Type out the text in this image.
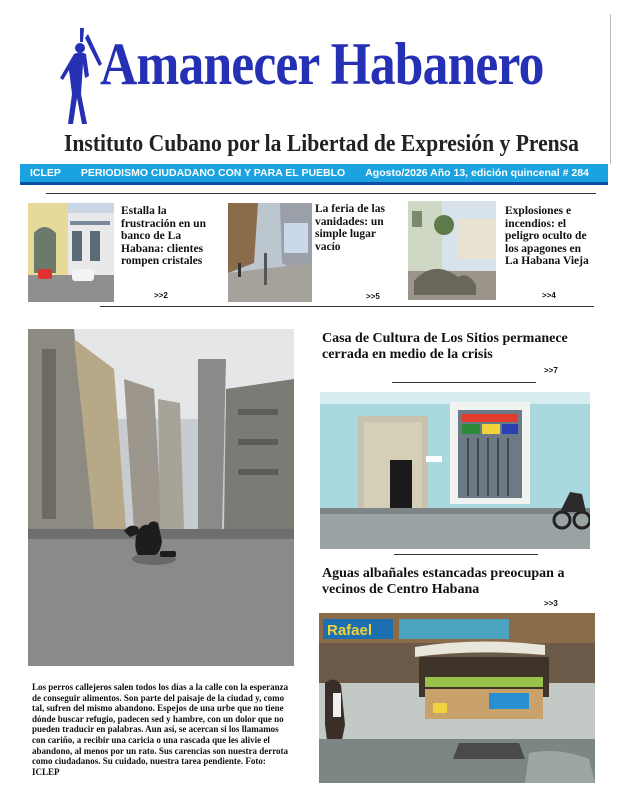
Amanecer Habanero
Instituto Cubano por la Libertad de Expresión y Prensa
ICLEP PERIODISMO CIUDADANO CON Y PARA EL PUEBLO Agosto/2026 Año 13, edición quincenal # 284
Estalla la frustración en un banco de La Habana: clientes rompen cristales
>>2
La feria de las vanidades: un simple lugar vacío
>>5
Explosiones e incendios: el peligro oculto de los apagones en La Habana Vieja
>>4
Los perros callejeros salen todos los días a la calle con la esperanza de conseguir alimentos. Son parte del paisaje de la ciudad y, como tal, sufren del mismo abandono. Espejos de una urbe que no tiene dónde buscar refugio, padecen sed y hambre, con un dolor que no pueden traducir en palabras. Aun así, se acercan si los llamamos con cariño, a recibir una caricia o una rascada que les alivie el abandono, al menos por un rato. Sus carencias son nuestra derrota como ciudadanos. Su cuidado, nuestra tarea pendiente. Foto: ICLEP
Casa de Cultura de Los Sitios permanece cerrada en medio de la crisis
>>7
Aguas albañales estancadas preocupan a vecinos de Centro Habana
>>3
Rafael
